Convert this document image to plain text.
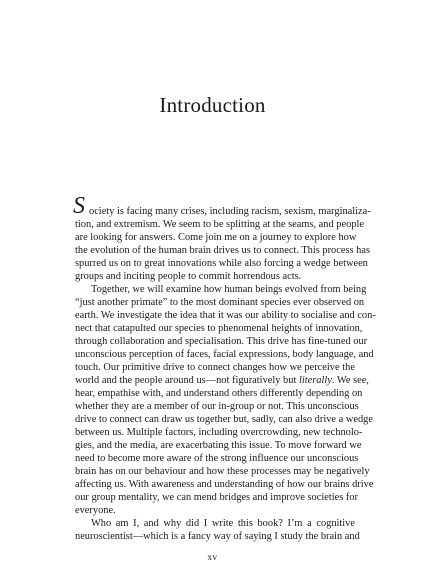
Introduction
S ociety is facing many crises, including racism, sexism, marginaliza-
tion, and extremism. We seem to be splitting at the seams, and people
are looking for answers. Come join me on a journey to explore how
the evolution of the human brain drives us to connect. This process has
spurred us on to great innovations while also forcing a wedge between
groups and inciting people to commit horrendous acts.
Together, we will examine how human beings evolved from being
“just another primate” to the most dominant species ever observed on
earth. We investigate the idea that it was our ability to socialise and con-
nect that catapulted our species to phenomenal heights of innovation,
through collaboration and specialisation. This drive has fine-tuned our
unconscious perception of faces, facial expressions, body language, and
touch. Our primitive drive to connect changes how we perceive the
world and the people around us—not figuratively but literally. We see,
hear, empathise with, and understand others differently depending on
whether they are a member of our in-group or not. This unconscious
drive to connect can draw us together but, sadly, can also drive a wedge
between us. Multiple factors, including overcrowding, new technolo-
gies, and the media, are exacerbating this issue. To move forward we
need to become more aware of the strong influence our unconscious
brain has on our behaviour and how these processes may be negatively
affecting us. With awareness and understanding of how our brains drive
our group mentality, we can mend bridges and improve societies for
everyone.
Who am I, and why did I write this book? I’m a cognitive
neuroscientist—which is a fancy way of saying I study the brain and
xv
